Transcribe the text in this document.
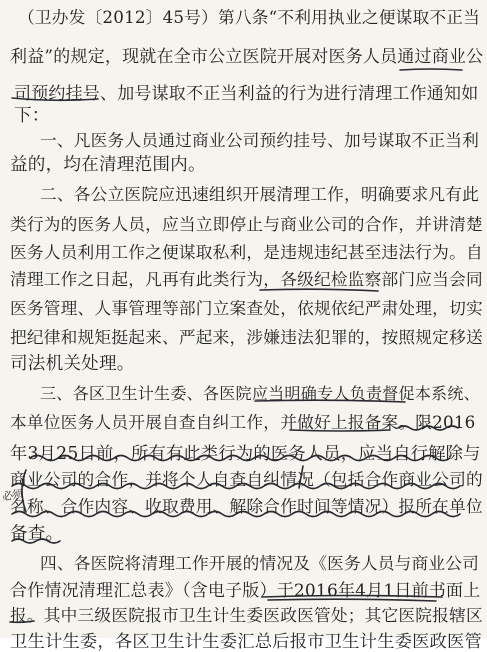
（卫办发〔2012〕45号）第八条“不利用执业之便谋取不正当
利益”的规定，现就在全市公立医院开展对医务人员通过商业公
司预约挂号、加号谋取不正当利益的行为进行清理工作通知如
下：
一、凡医务人员通过商业公司预约挂号、加号谋取不正当利
益的，均在清理范围内。
二、各公立医院应迅速组织开展清理工作，明确要求凡有此
类行为的医务人员，应当立即停止与商业公司的合作，并讲清楚
医务人员利用工作之便谋取私利，是违规违纪甚至违法行为。自
清理工作之日起，凡再有此类行为，各级纪检监察部门应当会同
医务管理、人事管理等部门立案查处，依规依纪严肃处理，切实
把纪律和规矩挺起来、严起来，涉嫌违法犯罪的，按照规定移送
司法机关处理。
三、各区卫生计生委、各医院应当明确专人负责督促本系统、
本单位医务人员开展自查自纠工作，并做好上报备案。限2016
年3月25日前，所有有此类行为的医务人员，应当自行解除与
商业公司的合作，并将个人自查自纠情况（包括合作商业公司的
名称、合作内容、收取费用、解除合作时间等情况）报所在单位
备查。
四、各医院将清理工作开展的情况及《医务人员与商业公司
合作情况清理汇总表》（含电子版）于2016年4月1日前书面上
报。其中三级医院报市卫生计生委医政医管处；其它医院报辖区
卫生计生委，各区卫生计生委汇总后报市卫生计生委医政医管
必须
